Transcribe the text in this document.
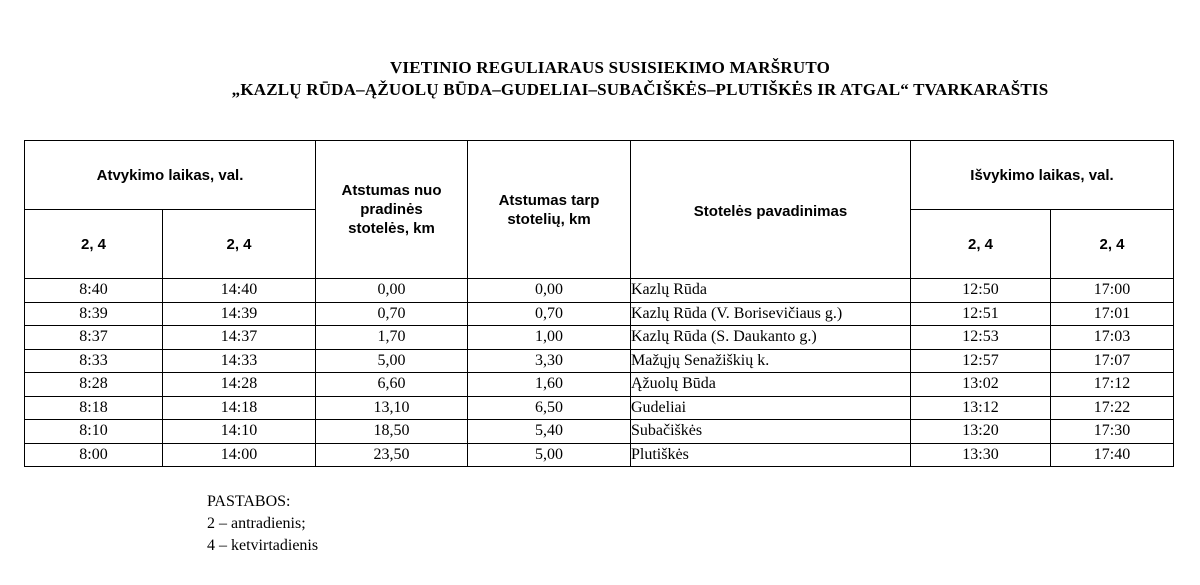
VIETINIO REGULIARAUS SUSISIEKIMO MARŠRUTO
„KAZLŲ RŪDA–ĄŽUOLŲ BŪDA–GUDELIAI–SUBAČIŠKĖS–PLUTIŠKĖS IR ATGAL“ TVARKARAŠTIS
Atvykimo laikas, val.		Atstumas nuo pradinės stotelės, km	Atstumas tarp stotelių, km	Stotelės pavadinimas	Išvykimo laikas, val.	
2, 4	2, 4				2, 4	2, 4
8:40	14:40	0,00	0,00	Kazlų Rūda	12:50	17:00
8:39	14:39	0,70	0,70	Kazlų Rūda (V. Borisevičiaus g.)	12:51	17:01
8:37	14:37	1,70	1,00	Kazlų Rūda (S. Daukanto g.)	12:53	17:03
8:33	14:33	5,00	3,30	Mažųjų Senažiškių k.	12:57	17:07
8:28	14:28	6,60	1,60	Ąžuolų Būda	13:02	17:12
8:18	14:18	13,10	6,50	Gudeliai	13:12	17:22
8:10	14:10	18,50	5,40	Subačiškės	13:20	17:30
8:00	14:00	23,50	5,00	Plutiškės	13:30	17:40
PASTABOS:
2 – antradienis;
4 – ketvirtadienis
